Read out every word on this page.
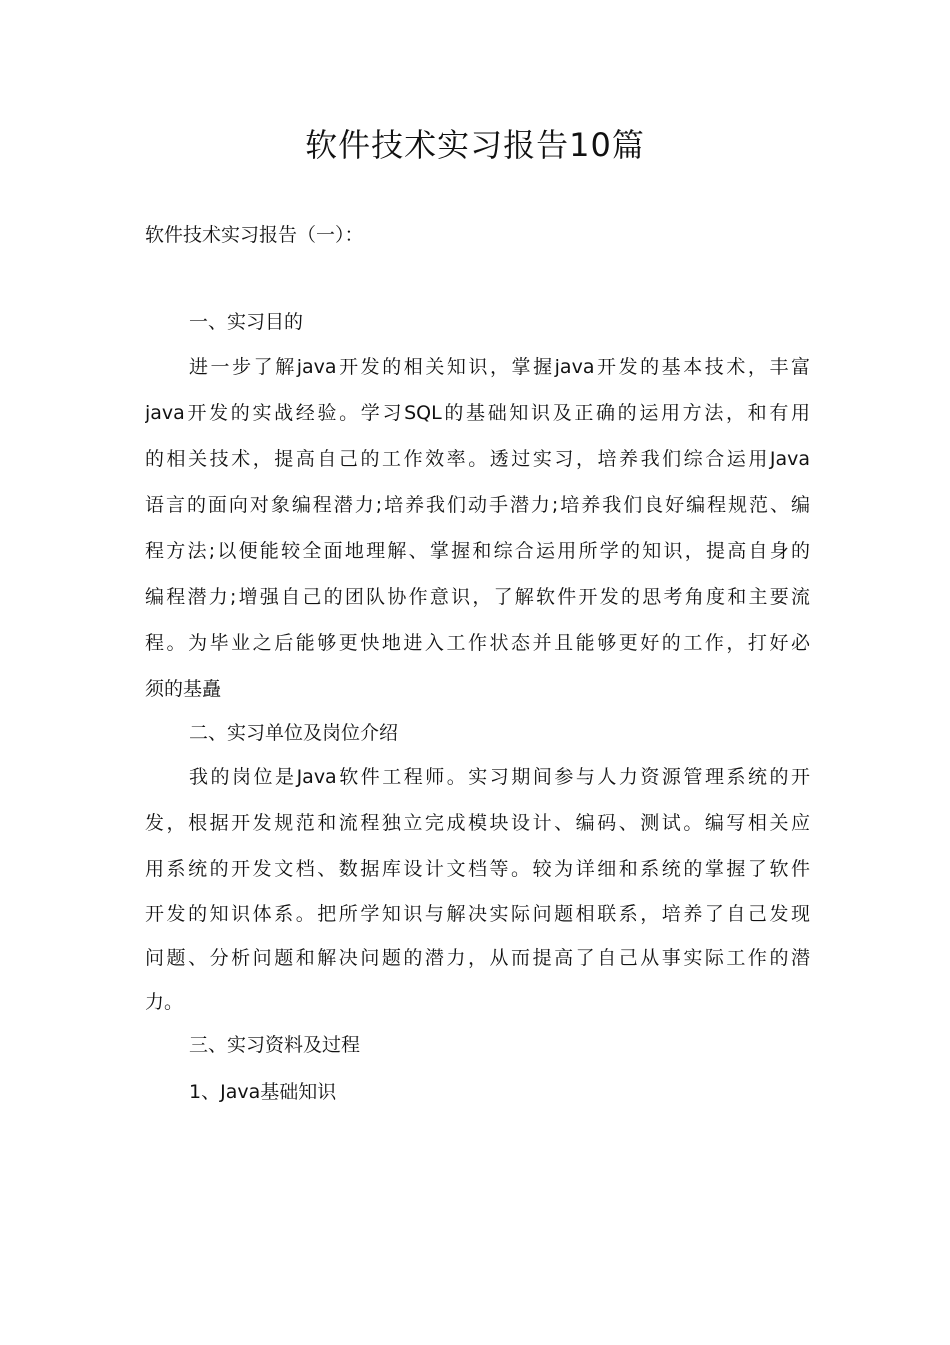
软件技术实习报告10篇

软件技术实习报告（一）：

一、实习目的

进一步了解java开发的相关知识，掌握java开发的基本技术，丰富

java开发的实战经验。学习SQL的基础知识及正确的运用方法，和有用

的相关技术，提高自己的工作效率。透过实习，培养我们综合运用Java

语言的面向对象编程潜力;培养我们动手潜力;培养我们良好编程规范、编

程方法;以便能较全面地理解、掌握和综合运用所学的知识，提高自身的

编程潜力;增强自己的团队协作意识，了解软件开发的思考角度和主要流

程。为毕业之后能够更快地进入工作状态并且能够更好的工作，打好必

须的基矗

二、实习单位及岗位介绍

我的岗位是Java软件工程师。实习期间参与人力资源管理系统的开

发，根据开发规范和流程独立完成模块设计、编码、测试。编写相关应

用系统的开发文档、数据库设计文档等。较为详细和系统的掌握了软件

开发的知识体系。把所学知识与解决实际问题相联系，培养了自己发现

问题、分析问题和解决问题的潜力，从而提高了自己从事实际工作的潜

力。

三、实习资料及过程

1、Java基础知识
